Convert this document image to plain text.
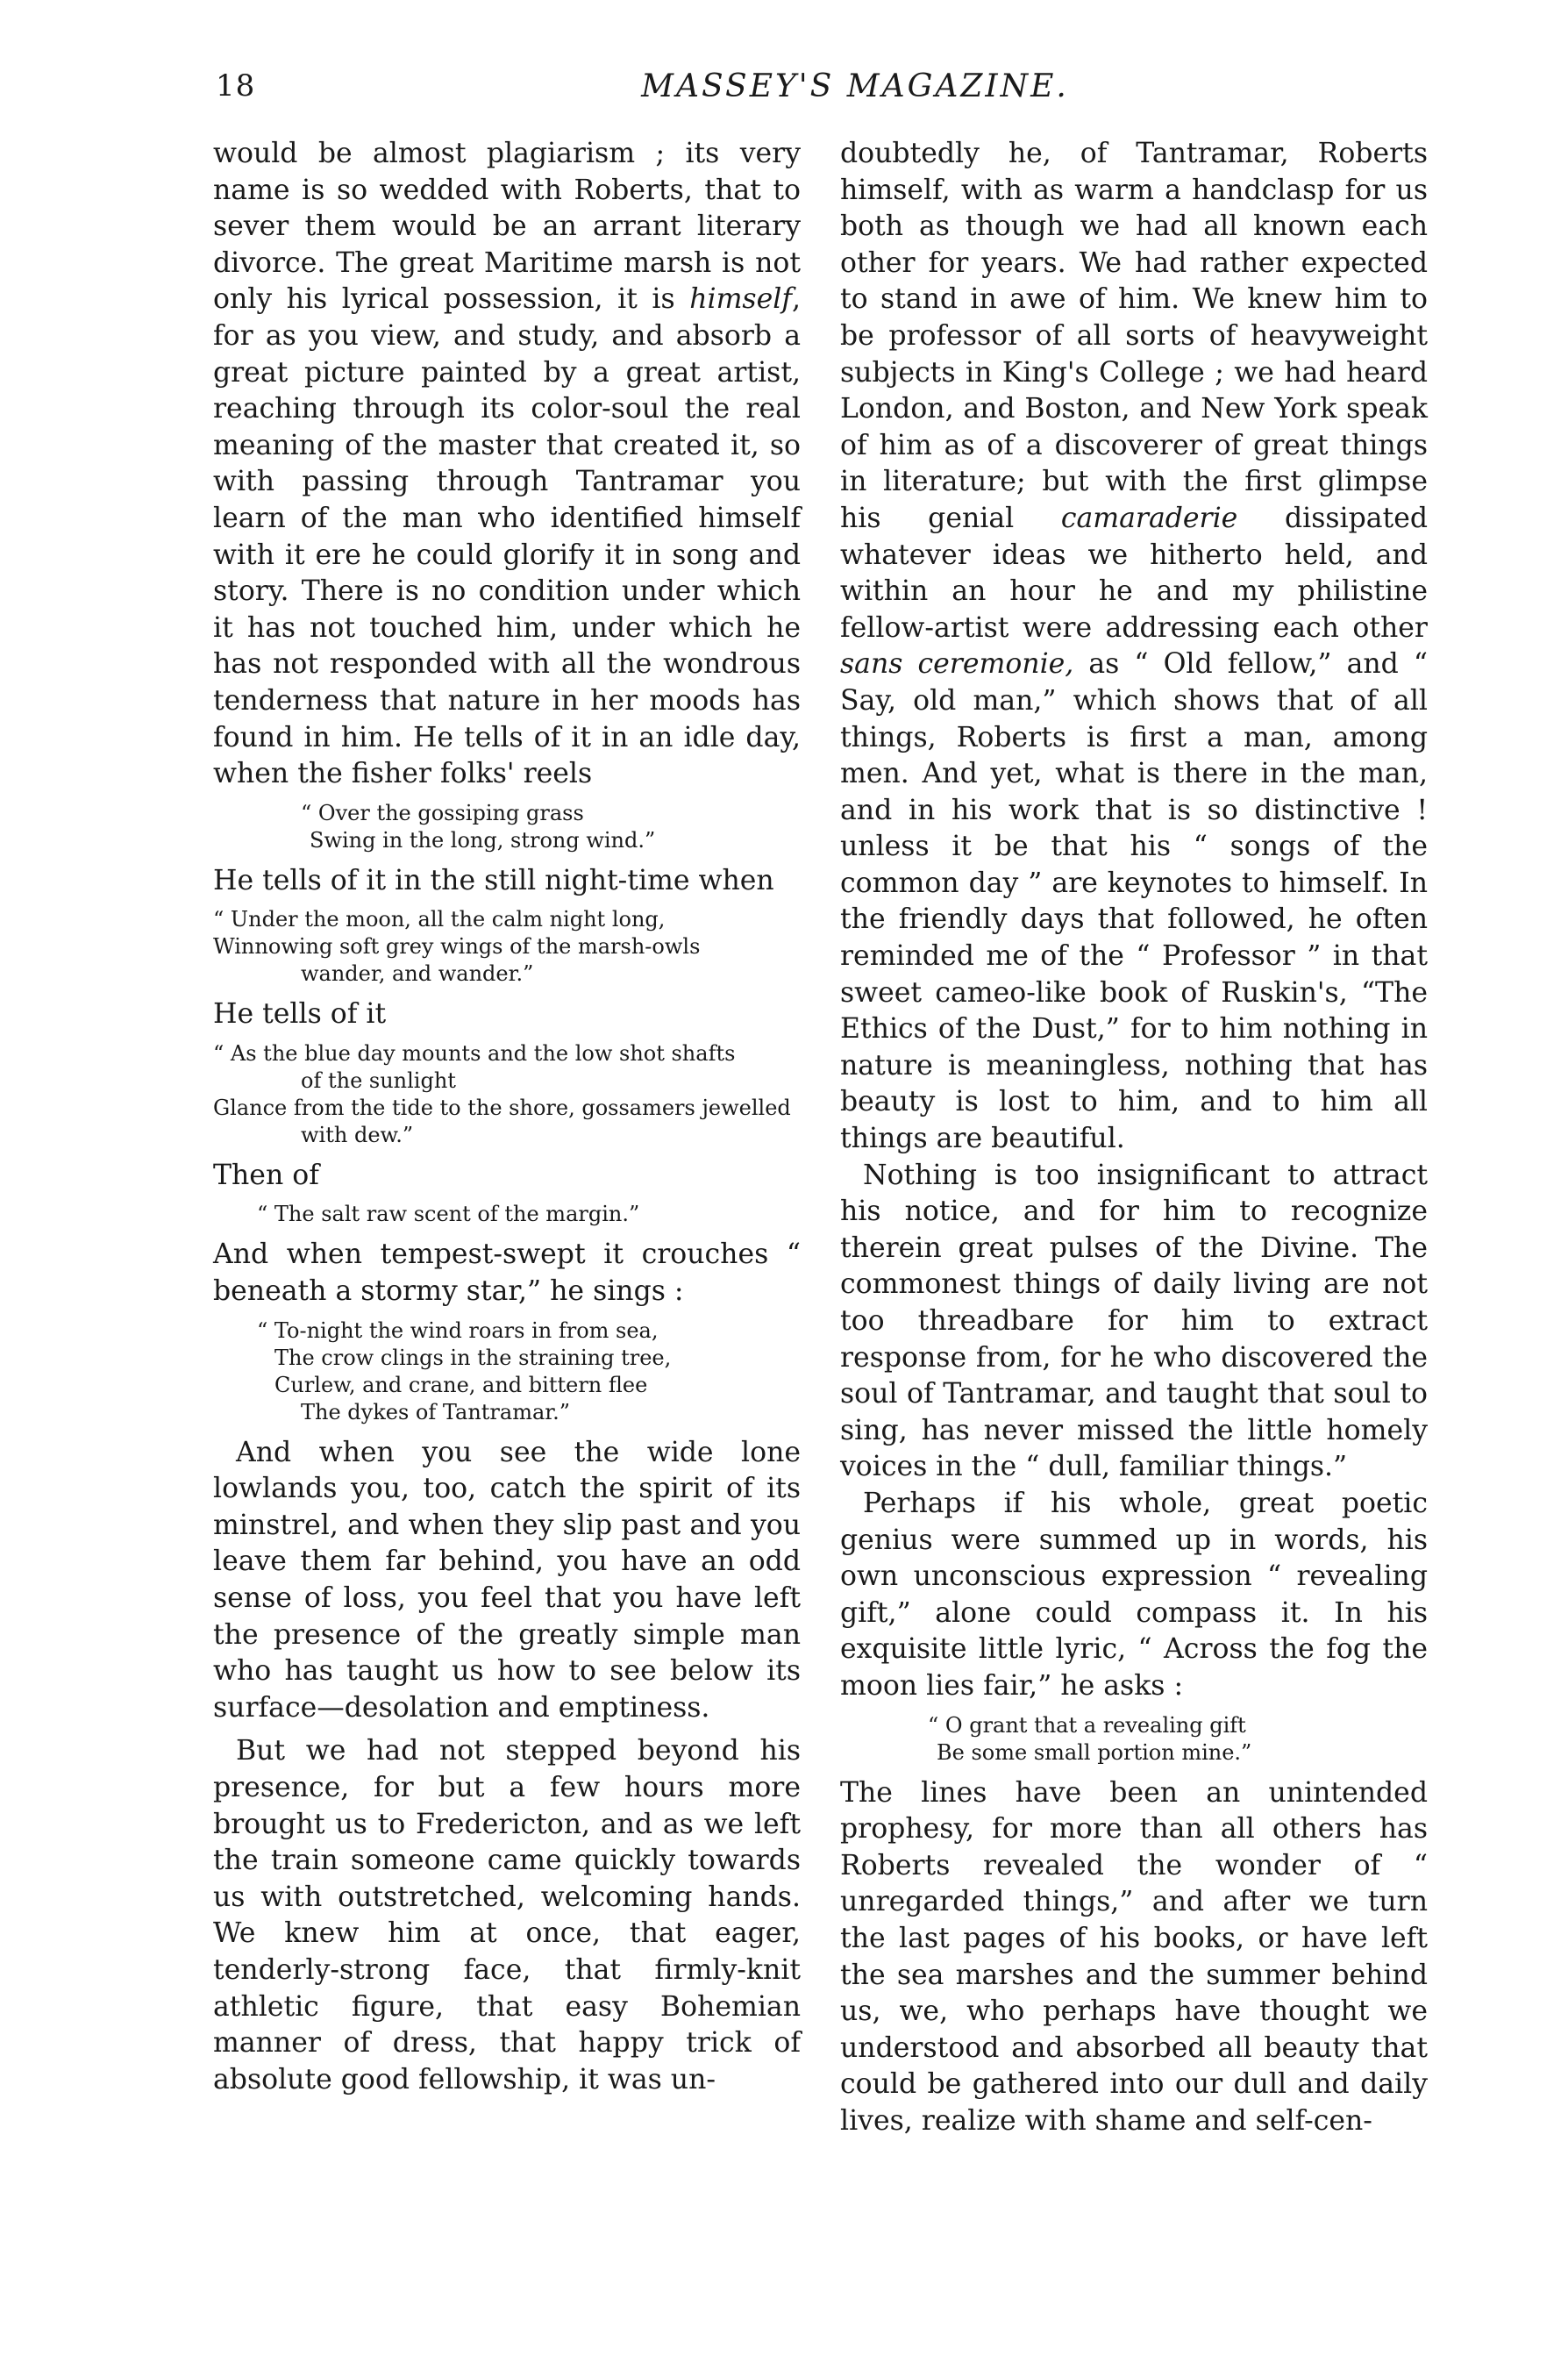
18	MASSEY'S MAGAZINE.

would be almost plagiarism ; its very name is so wedded with Roberts, that to sever them would be an arrant literary divorce. The great Maritime marsh is not only his lyrical possession, it is himself, for as you view, and study, and absorb a great picture painted by a great artist, reaching through its color-soul the real meaning of the master that created it, so with passing through Tantramar you learn of the man who identified himself with it ere he could glorify it in song and story. There is no condition under which it has not touched him, under which he has not responded with all the wondrous tenderness that nature in her moods has found in him. He tells of it in an idle day, when the fisher folks' reels

“ Over the gossiping grass
Swing in the long, strong wind.”

He tells of it in the still night-time when

“ Under the moon, all the calm night long,
Winnowing soft grey wings of the marsh-owls
wander, and wander.”

He tells of it

“ As the blue day mounts and the low shot shafts
of the sunlight
Glance from the tide to the shore, gossamers jewelled
with dew.”

Then of

“ The salt raw scent of the margin.”

And when tempest-swept it crouches “ beneath a stormy star,” he sings :

“ To-night the wind roars in from sea,
The crow clings in the straining tree,
Curlew, and crane, and bittern flee
The dykes of Tantramar.”

And when you see the wide lone lowlands you, too, catch the spirit of its minstrel, and when they slip past and you leave them far behind, you have an odd sense of loss, you feel that you have left the presence of the greatly simple man who has taught us how to see below its surface—desolation and emptiness.

But we had not stepped beyond his presence, for but a few hours more brought us to Fredericton, and as we left the train someone came quickly towards us with outstretched, welcoming hands. We knew him at once, that eager, tenderly-strong face, that firmly-knit athletic figure, that easy Bohemian manner of dress, that happy trick of absolute good fellowship, it was un-

doubtedly he, of Tantramar, Roberts himself, with as warm a handclasp for us both as though we had all known each other for years. We had rather expected to stand in awe of him. We knew him to be professor of all sorts of heavyweight subjects in King's College ; we had heard London, and Boston, and New York speak of him as of a discoverer of great things in literature; but with the first glimpse his genial camaraderie dissipated whatever ideas we hitherto held, and within an hour he and my philistine fellow-artist were addressing each other sans ceremonie, as “ Old fellow,” and “ Say, old man,” which shows that of all things, Roberts is first a man, among men. And yet, what is there in the man, and in his work that is so distinctive ! unless it be that his “ songs of the common day ” are keynotes to himself. In the friendly days that followed, he often reminded me of the “ Professor ” in that sweet cameo-like book of Ruskin's, “The Ethics of the Dust,” for to him nothing in nature is meaningless, nothing that has beauty is lost to him, and to him all things are beautiful.

Nothing is too insignificant to attract his notice, and for him to recognize therein great pulses of the Divine. The commonest things of daily living are not too threadbare for him to extract response from, for he who discovered the soul of Tantramar, and taught that soul to sing, has never missed the little homely voices in the “ dull, familiar things.”

Perhaps if his whole, great poetic genius were summed up in words, his own unconscious expression “ revealing gift,” alone could compass it. In his exquisite little lyric, “ Across the fog the moon lies fair,” he asks :

“ O grant that a revealing gift
Be some small portion mine.”

The lines have been an unintended prophesy, for more than all others has Roberts revealed the wonder of “ unregarded things,” and after we turn the last pages of his books, or have left the sea marshes and the summer behind us, we, who perhaps have thought we understood and absorbed all beauty that could be gathered into our dull and daily lives, realize with shame and self-cen-
